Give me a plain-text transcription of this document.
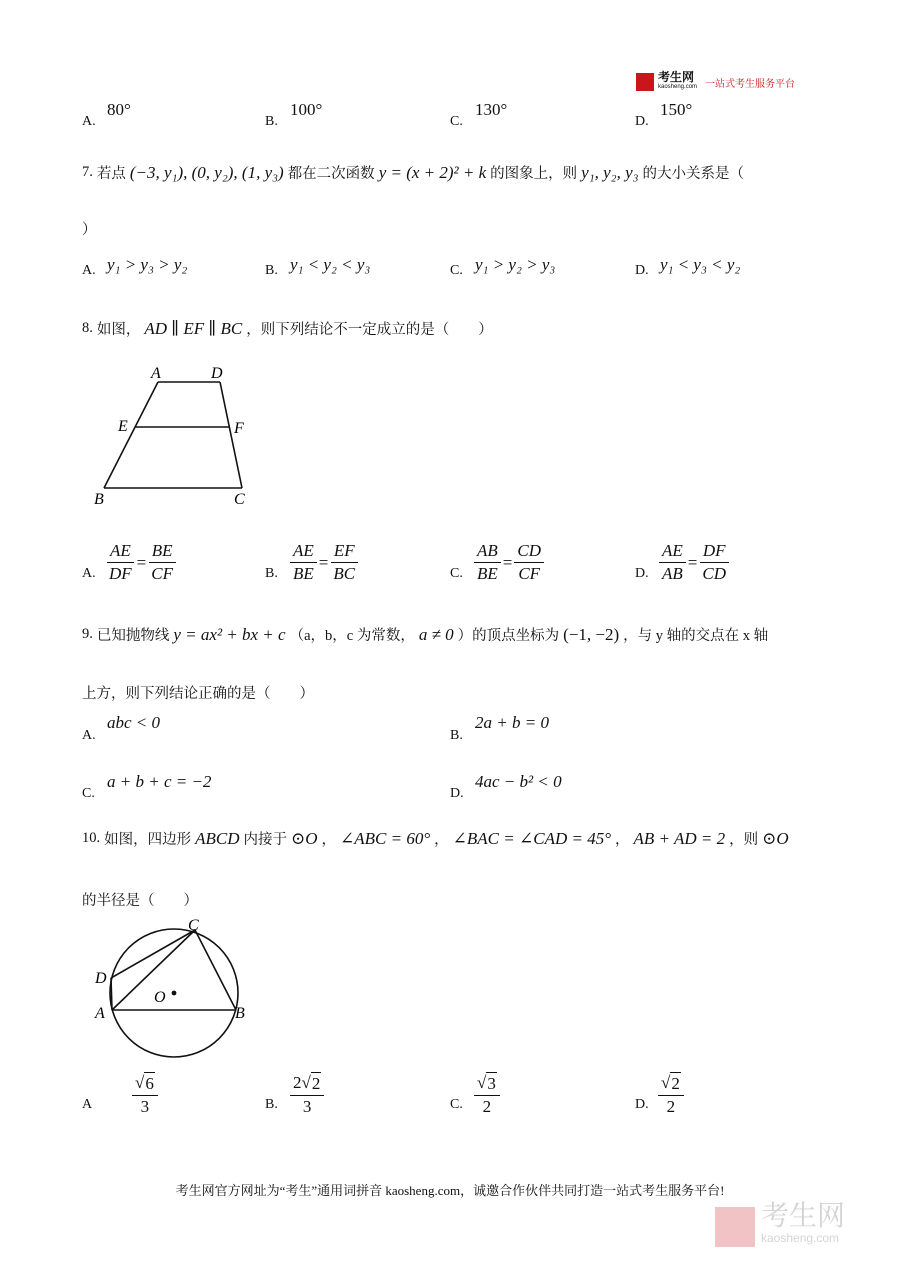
考生网
kaosheng.com 一站式考生服务平台
A.
80°
B.
100°
C.
130°
D.
150°
7. 若点 (−3, y₁), (0, y₂), (1, y₃) 都在二次函数 y = (x + 2)² + k 的图象上，则 y₁, y₂, y₃ 的大小关系是（
）
A. y₁ > y₃ > y₂	B. y₁ < y₂ < y₃	C. y₁ > y₂ > y₃	D. y₁ < y₃ < y₂
8. 如图， AD ∥ EF ∥ BC ，则下列结论不一定成立的是（　　）
A	D
E	F
B	C
A. $\frac{AE}{DF} = \frac{BE}{CF}$	B. $\frac{AE}{BE} = \frac{EF}{BC}$	C. $\frac{AB}{BE} = \frac{CD}{CF}$	D. $\frac{AE}{AB} = \frac{DF}{CD}$
9. 已知抛物线 y = ax² + bx + c （a，b，c 为常数， a ≠ 0 ）的顶点坐标为 (−1, −2) ，与 y 轴的交点在 x 轴
上方，则下列结论正确的是（　　）
A.
abc < 0
B.
2a + b = 0
C.
a + b + c = −2
D.
4ac − b² < 0
10. 如图，四边形 ABCD 内接于 ⊙O ， ∠ABC = 60° ， ∠BAC = ∠CAD = 45° ， AB + AD = 2 ，则 ⊙O
的半径是（　　）
C
D
O
A	B
A $\frac{√ 6}{3}$	B. $\frac{2 √ 2}{3}$	C. $\frac{√ 3}{2}$	D. $\frac{√ 2}{2}$
考生网官方网址为“考生”通用词拼音 kaosheng.com，诚邀合作伙伴共同打造一站式考生服务平台!
考生网
kaosheng.com
